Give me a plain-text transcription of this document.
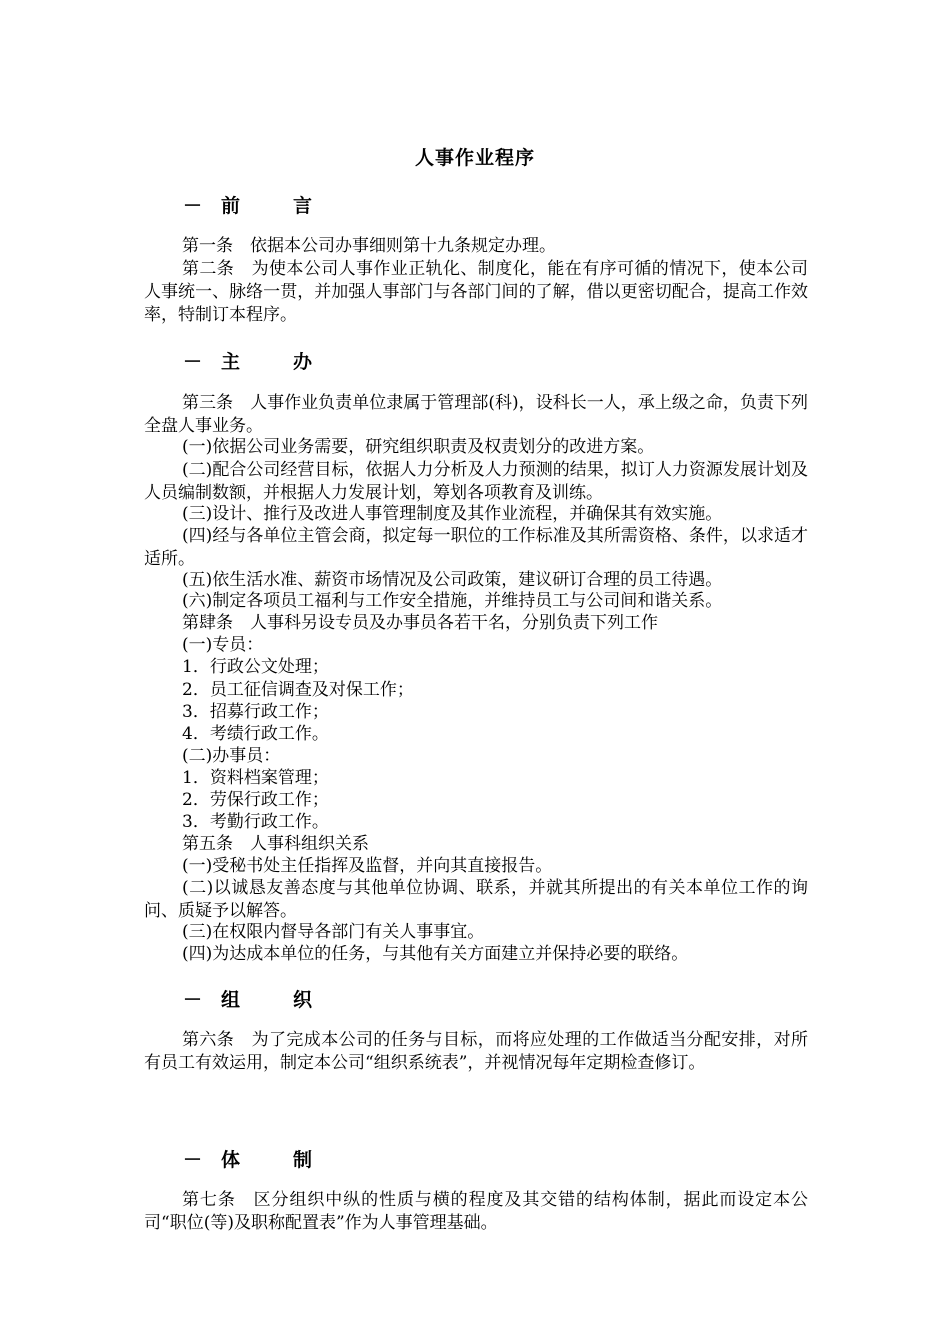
人事作业程序
－ 前	言
第一条　依据本公司办事细则第十九条规定办理。
第二条　为使本公司人事作业正轨化、制度化，能在有序可循的情况下，使本公司人事统一、脉络一贯，并加强人事部门与各部门间的了解，借以更密切配合，提高工作效率，特制订本程序。
－ 主	办
第三条　人事作业负责单位隶属于管理部(科)，设科长一人，承上级之命，负责下列全盘人事业务。
(一)依据公司业务需要，研究组织职责及权责划分的改进方案。
(二)配合公司经营目标，依据人力分析及人力预测的结果，拟订人力资源发展计划及人员编制数额，并根据人力发展计划，筹划各项教育及训练。
(三)设计、推行及改进人事管理制度及其作业流程，并确保其有效实施。
(四)经与各单位主管会商，拟定每一职位的工作标准及其所需资格、条件，以求适才适所。
(五)依生活水准、薪资市场情况及公司政策，建议研订合理的员工待遇。
(六)制定各项员工福利与工作安全措施，并维持员工与公司间和谐关系。
第肆条　人事科另设专员及办事员各若干名，分别负责下列工作
(一)专员：
1．行政公文处理；
2．员工征信调查及对保工作；
3．招募行政工作；
4．考绩行政工作。
(二)办事员：
1．资料档案管理；
2．劳保行政工作；
3．考勤行政工作。
第五条　人事科组织关系
(一)受秘书处主任指挥及监督，并向其直接报告。
(二)以诚恳友善态度与其他单位协调、联系，并就其所提出的有关本单位工作的询问、质疑予以解答。
(三)在权限内督导各部门有关人事事宜。
(四)为达成本单位的任务，与其他有关方面建立并保持必要的联络。
－ 组	织
第六条　为了完成本公司的任务与目标，而将应处理的工作做适当分配安排，对所有员工有效运用，制定本公司“组织系统表”，并视情况每年定期检查修订。
－ 体	制
第七条　区分组织中纵的性质与横的程度及其交错的结构体制，据此而设定本公司“职位(等)及职称配置表”作为人事管理基础。
